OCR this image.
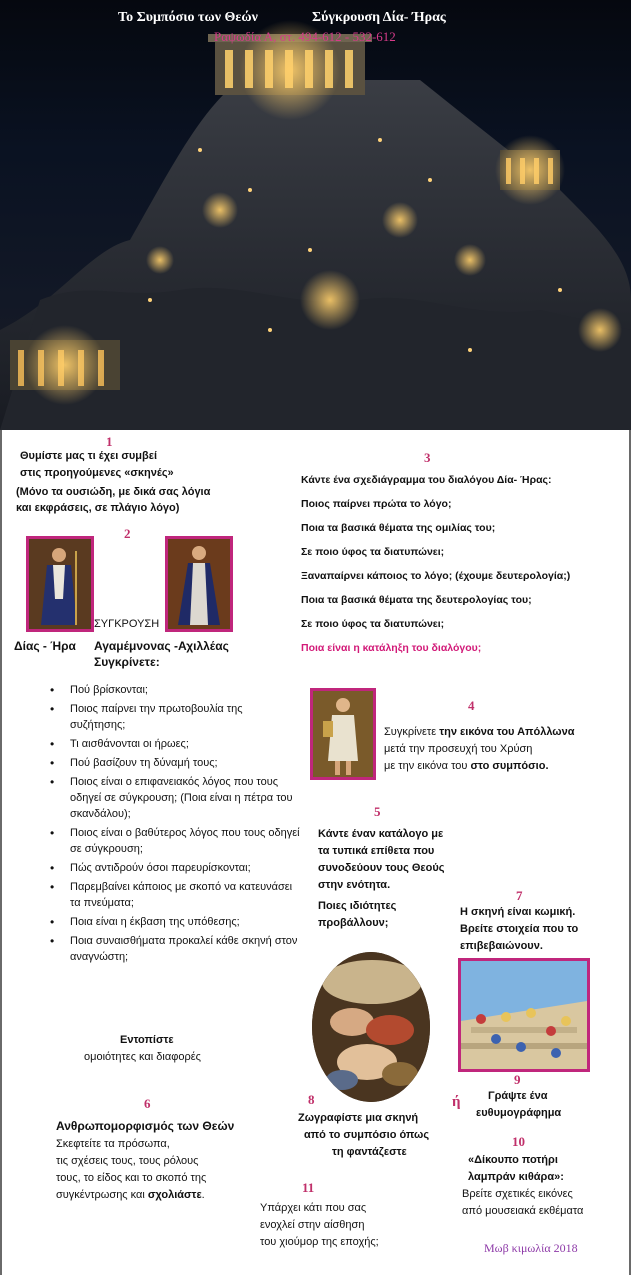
Το Συμπόσιο των Θεών	Σύγκρουση Δία- Ήρας
Ραψωδία Α, στ. 494-612 - 532-612
1
Θυμίστε μας τι έχει συμβεί
στις προηγούμενες «σκηνές»
(Μόνο τα ουσιώδη, με δικά σας λόγια
και εκφράσεις, σε πλάγιο λόγο)
2
ΣΥΓΚΡΟΥΣΗ
Δίας - Ήρα Αγαμέμνονας -Αχιλλέας
Συγκρίνετε:
• Πού βρίσκονται;
• Ποιος παίρνει την πρωτοβουλία της συζήτησης;
• Τι αισθάνονται οι ήρωες;
• Πού βασίζουν τη δύναμή τους;
• Ποιος είναι ο επιφανειακός λόγος που τους οδηγεί σε σύγκρουση; (Ποια είναι η πέτρα του σκανδάλου);
• Ποιος είναι ο βαθύτερος λόγος που τους οδηγεί σε σύγκρουση;
• Πώς αντιδρούν όσοι παρευρίσκονται;
• Παρεμβαίνει κάποιος με σκοπό να κατευνάσει τα πνεύματα;
• Ποια είναι η έκβαση της υπόθεσης;
• Ποια συναισθήματα προκαλεί κάθε σκηνή στον αναγνώστη;
Εντοπίστε
ομοιότητες και διαφορές
3
Κάντε ένα σχεδιάγραμμα του διαλόγου Δία- Ήρας:
Ποιος παίρνει πρώτα το λόγο;
Ποια τα βασικά θέματα της ομιλίας του;
Σε ποιο ύφος τα διατυπώνει;
Ξαναπαίρνει κάποιος το λόγο; (έχουμε δευτερολογία;)
Ποια τα βασικά θέματα της δευτερολογίας του;
Σε ποιο ύφος τα διατυπώνει;
Ποια είναι η κατάληξη του διαλόγου;
4
Συγκρίνετε την εικόνα του Απόλλωνα
μετά την προσευχή του Χρύση
με την εικόνα του στο συμπόσιο.
5
Κάντε έναν κατάλογο με
τα τυπικά επίθετα που
συνοδεύουν τους Θεούς
στην ενότητα.
Ποιες ιδιότητες
προβάλλουν;
7
Η σκηνή είναι κωμική.
Βρείτε στοιχεία που το
επιβεβαιώνουν.
9
Γράψτε ένα
ευθυμογράφημα
8
Ζωγραφίστε μια σκηνή
από το συμπόσιο όπως
τη φαντάζεστε
ή
6
Ανθρωπομορφισμός των Θεών
Σκεφτείτε τα πρόσωπα,
τις σχέσεις τους, τους ρόλους
τους, το είδος και το σκοπό της
συγκέντρωσης και σχολιάστε.
10
«Δίκουπο ποτήρι
λαμπράν κιθάρα»:
Βρείτε σχετικές εικόνες
από μουσειακά εκθέματα
11
Υπάρχει κάτι που σας
ενοχλεί στην αίσθηση
του χιούμορ της εποχής;	Μωβ κιμωλία 2018
